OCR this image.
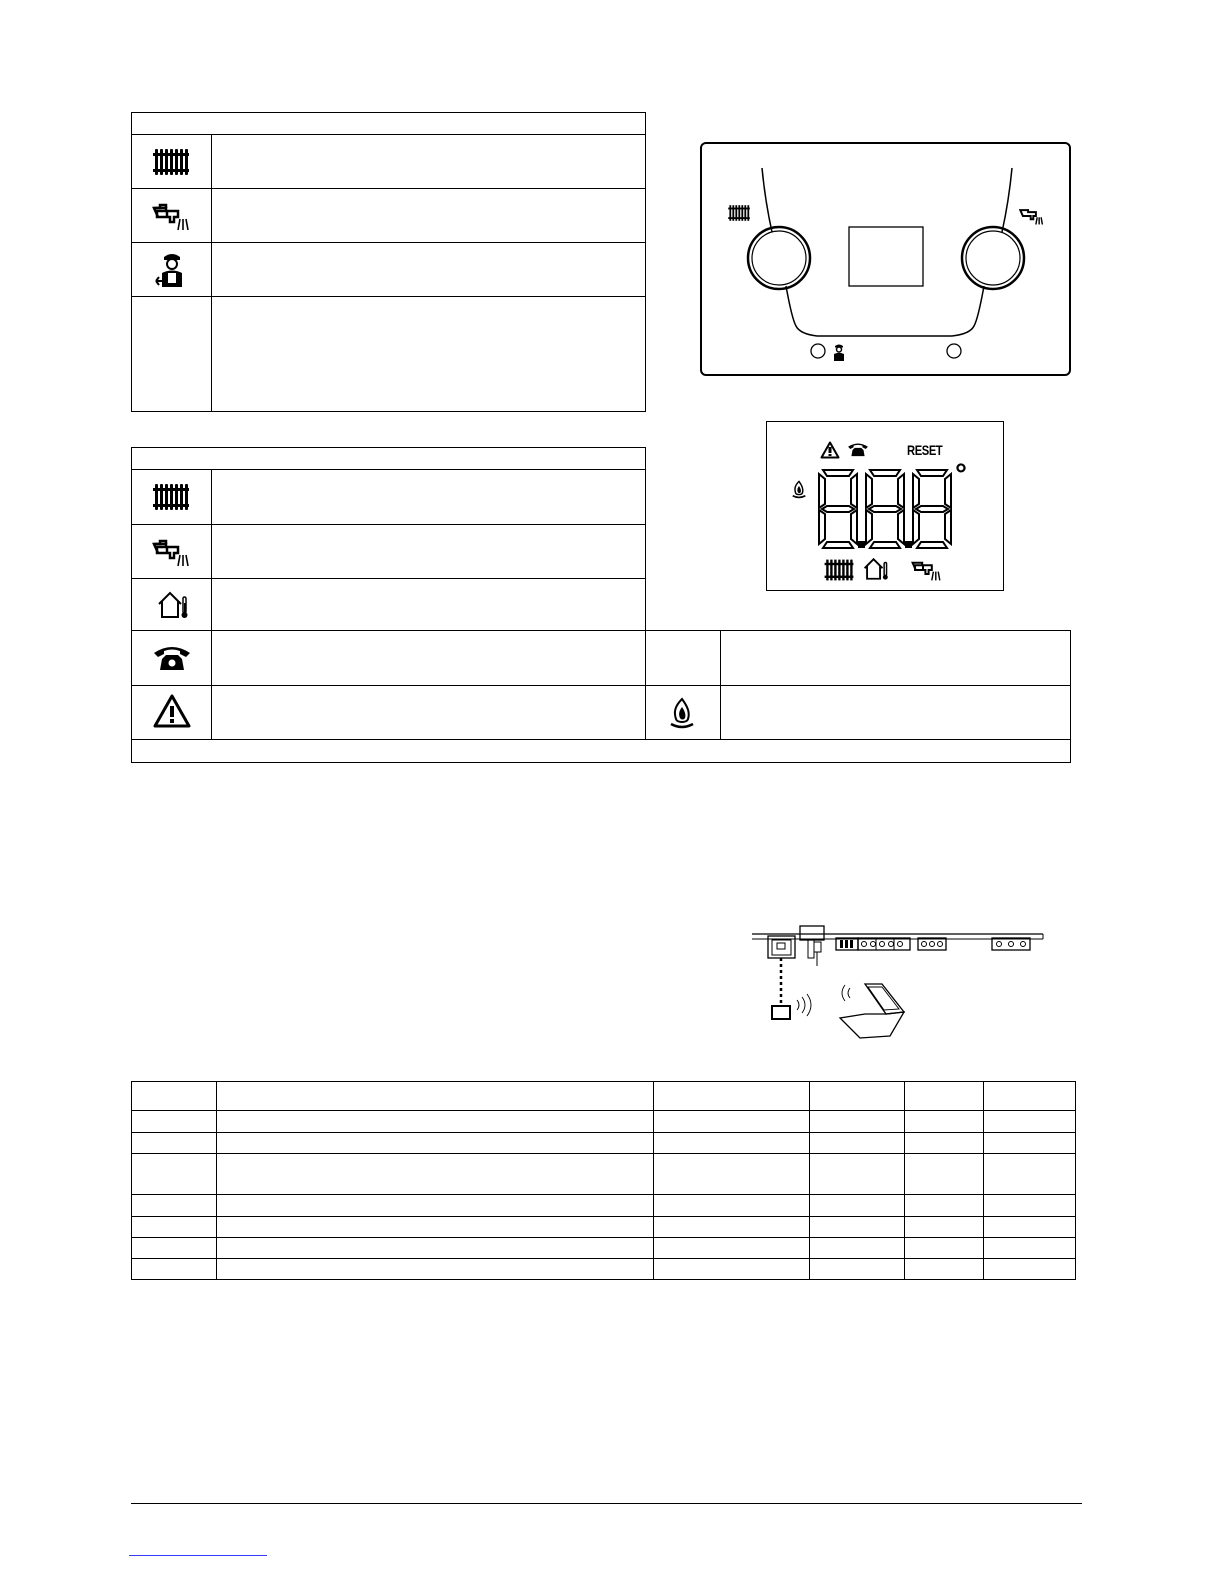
RESET
°
